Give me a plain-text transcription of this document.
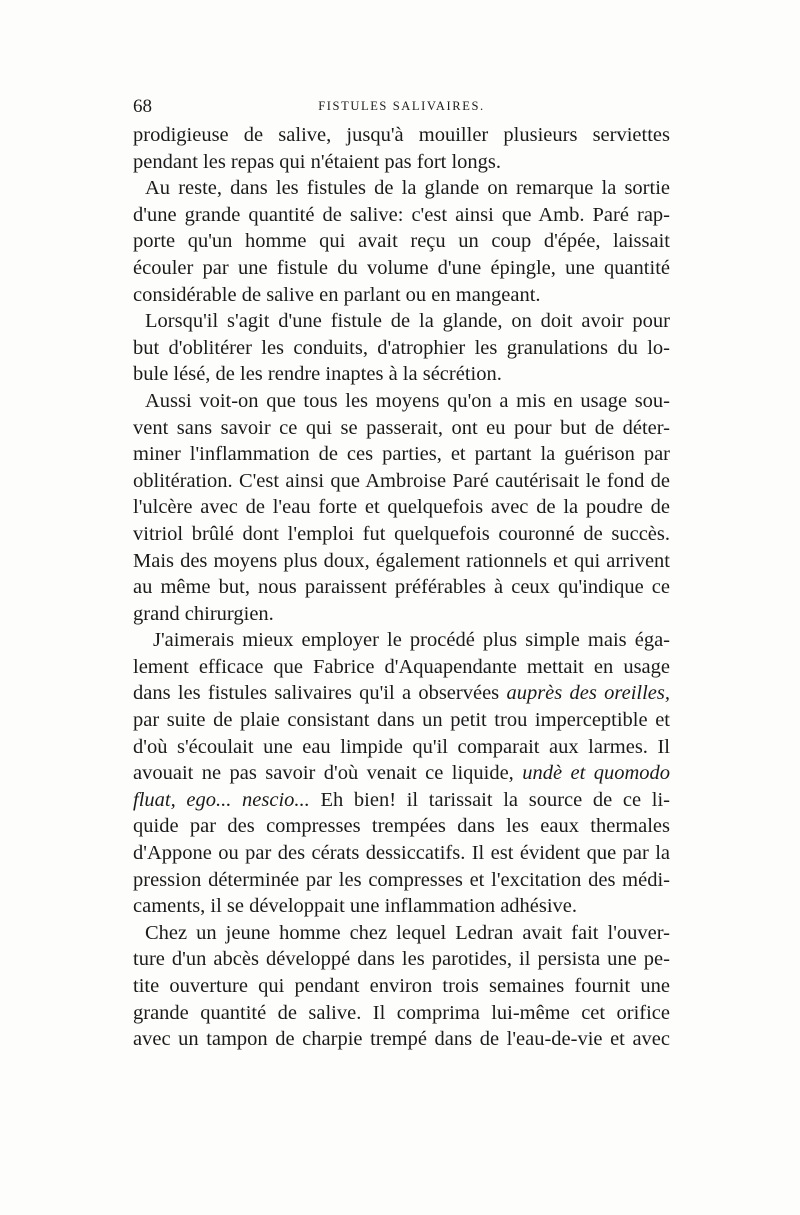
68	FISTULES SALIVAIRES.
prodigieuse de salive, jusqu'à mouiller plusieurs serviettes
pendant les repas qui n'étaient pas fort longs.
Au reste, dans les fistules de la glande on remarque la sortie
d'une grande quantité de salive: c'est ainsi que Amb. Paré rap-
porte qu'un homme qui avait reçu un coup d'épée, laissait
écouler par une fistule du volume d'une épingle, une quantité
considérable de salive en parlant ou en mangeant.
Lorsqu'il s'agit d'une fistule de la glande, on doit avoir pour
but d'oblitérer les conduits, d'atrophier les granulations du lo-
bule lésé, de les rendre inaptes à la sécrétion.
Aussi voit-on que tous les moyens qu'on a mis en usage sou-
vent sans savoir ce qui se passerait, ont eu pour but de déter-
miner l'inflammation de ces parties, et partant la guérison par
oblitération. C'est ainsi que Ambroise Paré cautérisait le fond de
l'ulcère avec de l'eau forte et quelquefois avec de la poudre de
vitriol brûlé dont l'emploi fut quelquefois couronné de succès.
Mais des moyens plus doux, également rationnels et qui arrivent
au même but, nous paraissent préférables à ceux qu'indique ce
grand chirurgien.
J'aimerais mieux employer le procédé plus simple mais éga-
lement efficace que Fabrice d'Aquapendante mettait en usage
dans les fistules salivaires qu'il a observées auprès des oreilles,
par suite de plaie consistant dans un petit trou imperceptible et
d'où s'écoulait une eau limpide qu'il comparait aux larmes. Il
avouait ne pas savoir d'où venait ce liquide, undè et quomodo
fluat, ego... nescio... Eh bien! il tarissait la source de ce li-
quide par des compresses trempées dans les eaux thermales
d'Appone ou par des cérats dessiccatifs. Il est évident que par la
pression déterminée par les compresses et l'excitation des médi-
caments, il se développait une inflammation adhésive.
Chez un jeune homme chez lequel Ledran avait fait l'ouver-
ture d'un abcès développé dans les parotides, il persista une pe-
tite ouverture qui pendant environ trois semaines fournit une
grande quantité de salive. Il comprima lui-même cet orifice
avec un tampon de charpie trempé dans de l'eau-de-vie et avec
